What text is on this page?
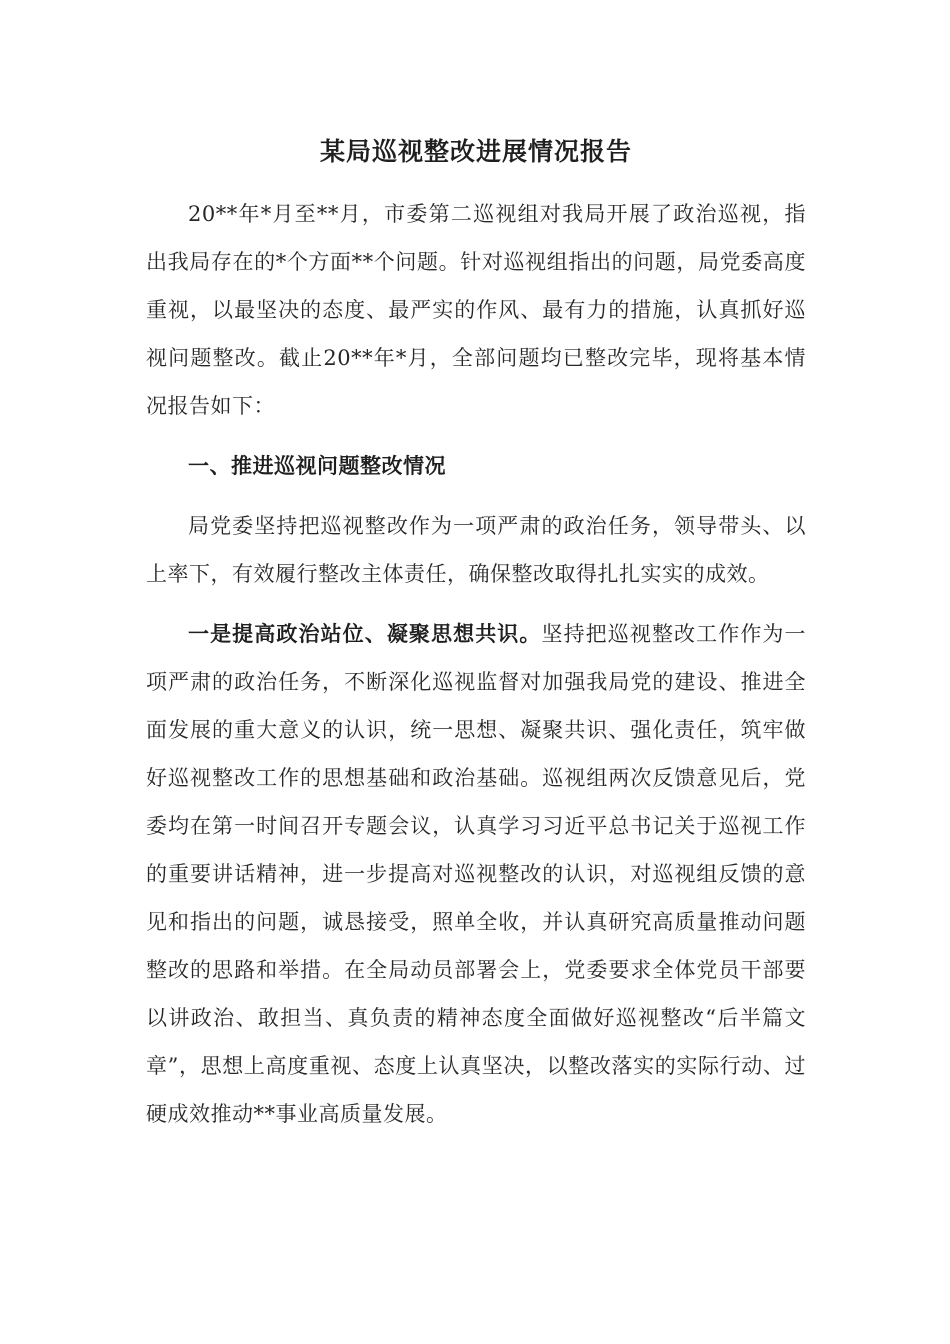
某局巡视整改进展情况报告

20**年*月至**月，市委第二巡视组对我局开展了政治巡视，指出我局存在的*个方面**个问题。针对巡视组指出的问题，局党委高度重视，以最坚决的态度、最严实的作风、最有力的措施，认真抓好巡视问题整改。截止20**年*月，全部问题均已整改完毕，现将基本情况报告如下：

一、推进巡视问题整改情况

局党委坚持把巡视整改作为一项严肃的政治任务，领导带头、以上率下，有效履行整改主体责任，确保整改取得扎扎实实的成效。

一是提高政治站位、凝聚思想共识。坚持把巡视整改工作作为一项严肃的政治任务，不断深化巡视监督对加强我局党的建设、推进全面发展的重大意义的认识，统一思想、凝聚共识、强化责任，筑牢做好巡视整改工作的思想基础和政治基础。巡视组两次反馈意见后，党委均在第一时间召开专题会议，认真学习习近平总书记关于巡视工作的重要讲话精神，进一步提高对巡视整改的认识，对巡视组反馈的意见和指出的问题，诚恳接受，照单全收，并认真研究高质量推动问题整改的思路和举措。在全局动员部署会上，党委要求全体党员干部要以讲政治、敢担当、真负责的精神态度全面做好巡视整改“后半篇文章”，思想上高度重视、态度上认真坚决，以整改落实的实际行动、过硬成效推动**事业高质量发展。
